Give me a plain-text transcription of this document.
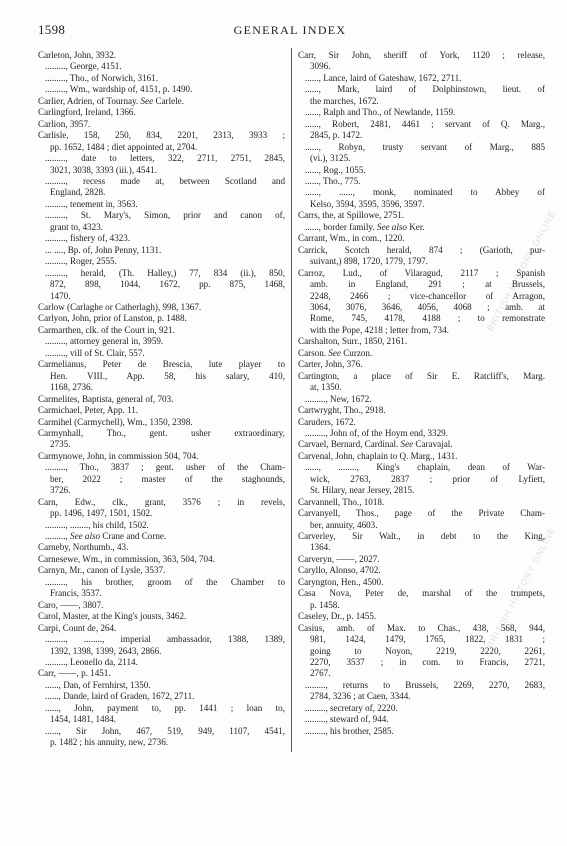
1598	GENERAL INDEX
Carleton, John, 3932.
........., George, 4151.
........., Tho., of Norwich, 3161.
........., Wm., wardship of, 4151, p. 1490.
Carlier, Adrien, of Tournay. See Carlele.
Carlingford, Ireland, 1366.
Carlion, 3957.
Carlisle, 158, 250, 834, 2201, 2313, 3933 ;
pp. 1652, 1484 ; diet appointed at, 2704.
........., date to letters, 322, 2711, 2751, 2845,
3021, 3038, 3393 (iii.), 4541.
........., recess made at, between Scotland and
England, 2828.
........., tenement in, 3563.
........., St. Mary's, Simon, prior and canon of,
grant to, 4323.
........., fishery of, 4323.
... ...., Bp. of, John Penny, 1131.
........., Roger, 2555.
........., herald, (Th. Halley,) 77, 834 (ii.), 850,
872, 898, 1044, 1672, pp. 875, 1468,
1470.
Carlow (Carlaghe or Catherlagh), 998, 1367.
Carlyon, John, prior of Lanston, p. 1488.
Carmarthen, clk. of the Court in, 921.
........., attorney general in, 3959.
........., vill of St. Clair, 557.
Carmelianus, Peter de Brescia, lute player to
Hen. VIII., App. 58, his salary, 410,
1168, 2736.
Carmelites, Baptista, general of, 703.
Carmichael, Peter, App. 11.
Carmihel (Carmychell), Wm., 1350, 2398.
Carmynhall, Tho., gent. usher extraordinary,
2735.
Carmynowe, John, in commission 504, 704.
........., Tho., 3837 ; gent. usher of the Cham-
ber, 2022 ; master of the staghounds,
3726.
Carn, Edw., clk., grant, 3576 ; in revels,
pp. 1496, 1497, 1501, 1502.
........., ........, his child, 1502.
........., See also Crane and Corne.
Carneby, Northumb., 43.
Carnesewe, Wm., in commission, 363, 504, 704.
Carnyn, Mr., canon of Lysle, 3537.
........., his brother, groom of the Chamber to
Francis, 3537.
Caro, ——, 3807.
Carol, Master, at the King's jousts, 3462.
Carpi, Count de, 264.
........., ........, imperial ambassador, 1388, 1389,
1392, 1398, 1399, 2643, 2866.
........., Leonello da, 2114.
Carr, ——, p. 1451.
......, Dan, of Fernhirst, 1350.
......, Dande, laird of Graden, 1672, 2711.
......, John, payment to, pp. 1441 ; loan to,
1454, 1481, 1484.
......, Sir John, 467, 519, 949, 1107, 4541,
p. 1482 ; his annuity, new, 2736.
Carr, Sir John, sheriff of York, 1120 ; release,
3096.
......, Lance, laird of Gateshaw, 1672, 2711.
......, Mark, laird of Dolphinstown, lieut. of
the marches, 1672.
......, Ralph and Tho., of Newlande, 1159.
......, Robert, 2481, 4461 ; servant of Q. Marg.,
2845, p. 1472.
......, Robyn, trusty servant of Marg., 885
(vi.), 3125.
......, Rog., 1055.
......, Tho., 775.
......, ......, monk, nominated to Abbey of
Kelso, 3594, 3595, 3596, 3597.
Carrs, the, at Spillowe, 2751.
......, border family. See also Ker.
Carrant, Wm., in com., 1220.
Carrick, Scotch herald, 874 ; (Garioth, pur-
suivant,) 898, 1720, 1779, 1797.
Carroz, Lud., of Vilaragud, 2117 ; Spanish
amb. in England, 291 ; at Brussels,
2248, 2466 ; vice-chancellor of Arragon,
3064, 3076, 3646, 4056, 4068 ; amb. at
Rome, 745, 4178, 4188 ; to remonstrate
with the Pope, 4218 ; letter from, 734.
Carshalton, Surr., 1850, 2161.
Carson. See Curzon.
Carter, John, 376.
Cartington, a place of Sir E. Ratcliff's, Marg.
at, 1350.
........., New, 1672.
Cartwryght, Tho., 2918.
Caruders, 1672.
........., John of, of the Hoym end, 3329.
Carvael, Bernard, Cardinal. See Caravajal.
Carvenal, John, chaplain to Q. Marg., 1431.
......, ........, King's chaplain, dean of War-
wick, 2763, 2837 ; prior of Lyfiett,
St. Hilary, near Jersey, 2815.
Carvannell, Tho., 1018.
Carvanyell, Thos., page of the Private Cham-
ber, annuity, 4603.
Carverley, Sir Walt., in debt to the King,
1364.
Carveryn, ——, 2027.
Caryllo, Alonso, 4702.
Caryngton, Hen., 4500.
Casa Nova, Peter de, marshal of the trumpets,
p. 1458.
Caseley, Dr., p. 1455.
Casius, amb. of Max. to Chas., 438, 568, 944,
981, 1424, 1479, 1765, 1822, 1831 ;
going to Noyon, 2219, 2220, 2261,
2270, 3537 ; in com. to Francis, 2721,
2767.
........., returns to Brussels, 2269, 2270, 2683,
2784, 3236 ; at Caen, 3344.
........., secretary of, 2220.
........., steward of, 944.
........., his brother, 2585.
BRITISH HISTORY ONLINE
BRITISH HISTORY ONLINE
